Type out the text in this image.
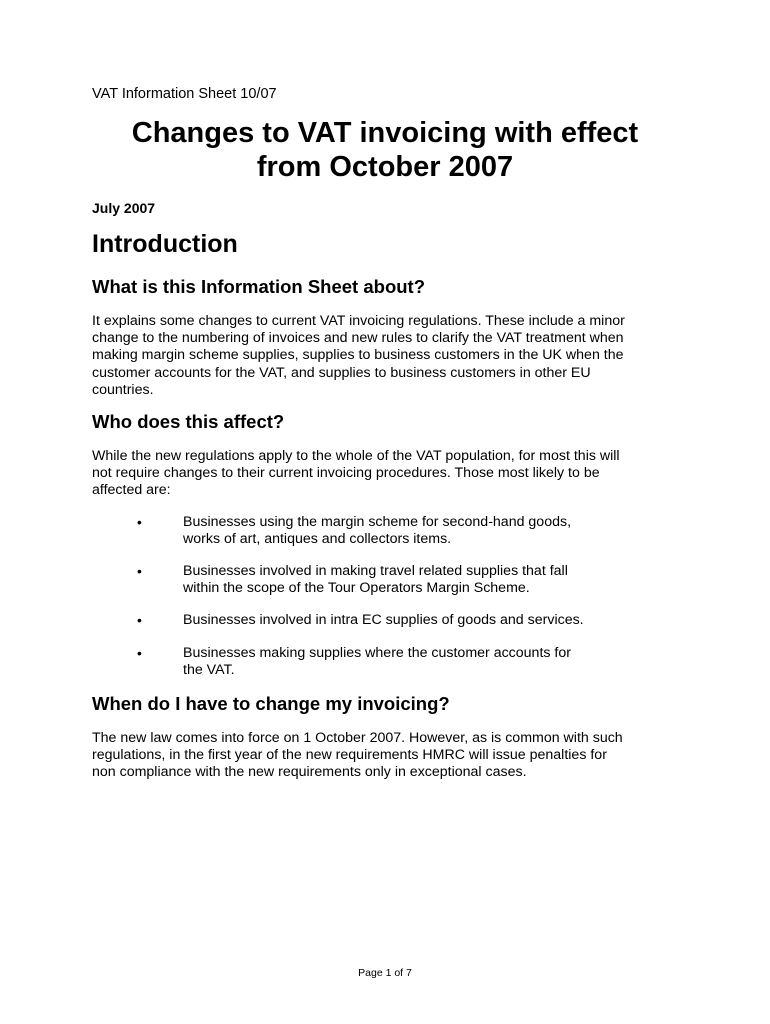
VAT Information Sheet 10/07
Changes to VAT invoicing with effect
from October 2007
July 2007
Introduction
What is this Information Sheet about?
It explains some changes to current VAT invoicing regulations. These include a minor
change to the numbering of invoices and new rules to clarify the VAT treatment when
making margin scheme supplies, supplies to business customers in the UK when the
customer accounts for the VAT, and supplies to business customers in other EU
countries.
Who does this affect?
While the new regulations apply to the whole of the VAT population, for most this will
not require changes to their current invoicing procedures. Those most likely to be
affected are:
•	Businesses using the margin scheme for second-hand goods,
works of art, antiques and collectors items.
•	Businesses involved in making travel related supplies that fall
within the scope of the Tour Operators Margin Scheme.
•	Businesses involved in intra EC supplies of goods and services.
•	Businesses making supplies where the customer accounts for
the VAT.
When do I have to change my invoicing?
The new law comes into force on 1 October 2007. However, as is common with such
regulations, in the first year of the new requirements HMRC will issue penalties for
non compliance with the new requirements only in exceptional cases.
Page 1 of 7
